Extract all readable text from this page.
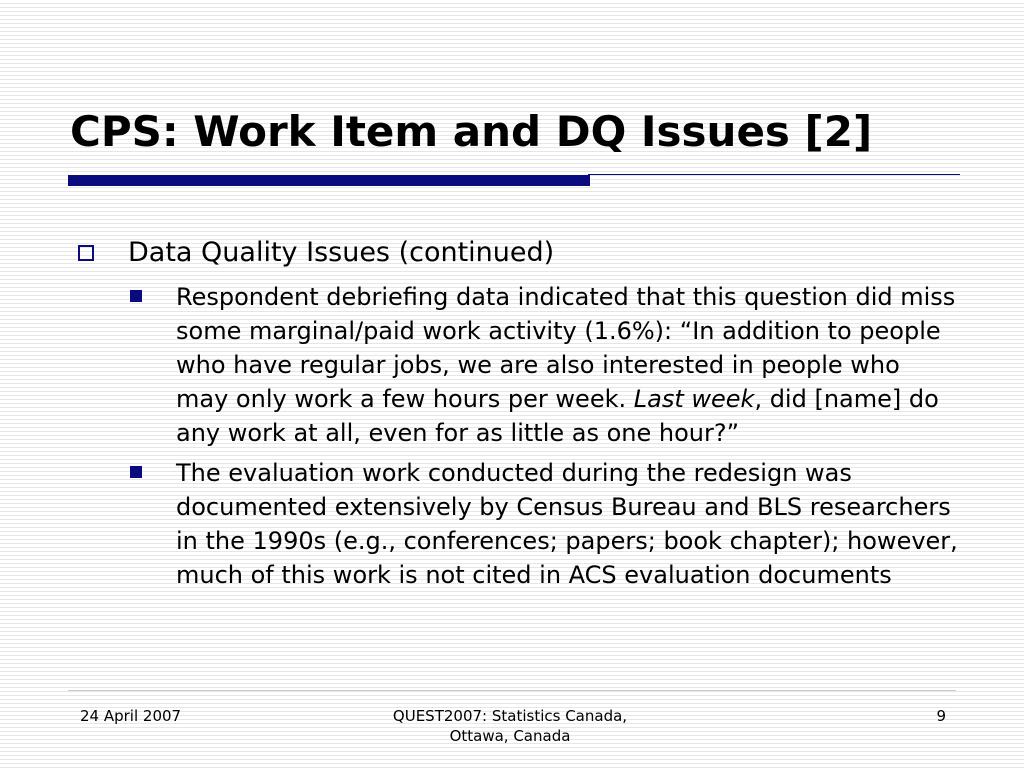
CPS: Work Item and DQ Issues [2]
Data Quality Issues (continued)
Respondent debriefing data indicated that this question did miss some marginal/paid work activity (1.6%): “In addition to people who have regular jobs, we are also interested in people who may only work a few hours per week. Last week, did [name] do any work at all, even for as little as one hour?”
The evaluation work conducted during the redesign was documented extensively by Census Bureau and BLS researchers in the 1990s (e.g., conferences; papers; book chapter); however, much of this work is not cited in ACS evaluation documents
24 April 2007	QUEST2007: Statistics Canada,
Ottawa, Canada
9
